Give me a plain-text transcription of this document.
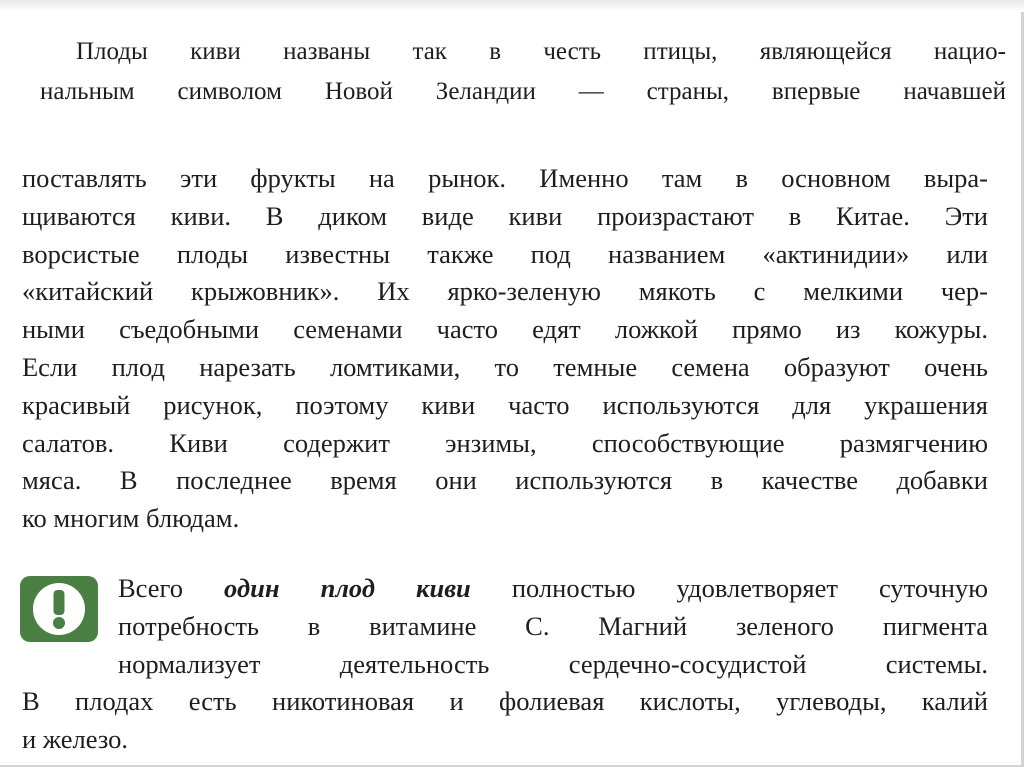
Плоды киви названы так в честь птицы, являющейся нацио-
нальным символом Новой Зеландии — страны, впервые начавшей

поставлять эти фрукты на рынок. Именно там в основном выра-
щиваются киви. В диком виде киви произрастают в Китае. Эти
ворсистые плоды известны также под названием «актинидии» или
«китайский крыжовник». Их ярко-зеленую мякоть с мелкими чер-
ными съедобными семенами часто едят ложкой прямо из кожуры.
Если плод нарезать ломтиками, то темные семена образуют очень
красивый рисунок, поэтому киви часто используются для украшения
салатов. Киви содержит энзимы, способствующие размягчению
мяса. В последнее время они используются в качестве добавки
ко многим блюдам.

Всего один плод киви полностью удовлетворяет суточную
потребность в витамине С. Магний зеленого пигмента
нормализует деятельность сердечно-сосудистой системы.
В плодах есть никотиновая и фолиевая кислоты, углеводы, калий
и железо.
